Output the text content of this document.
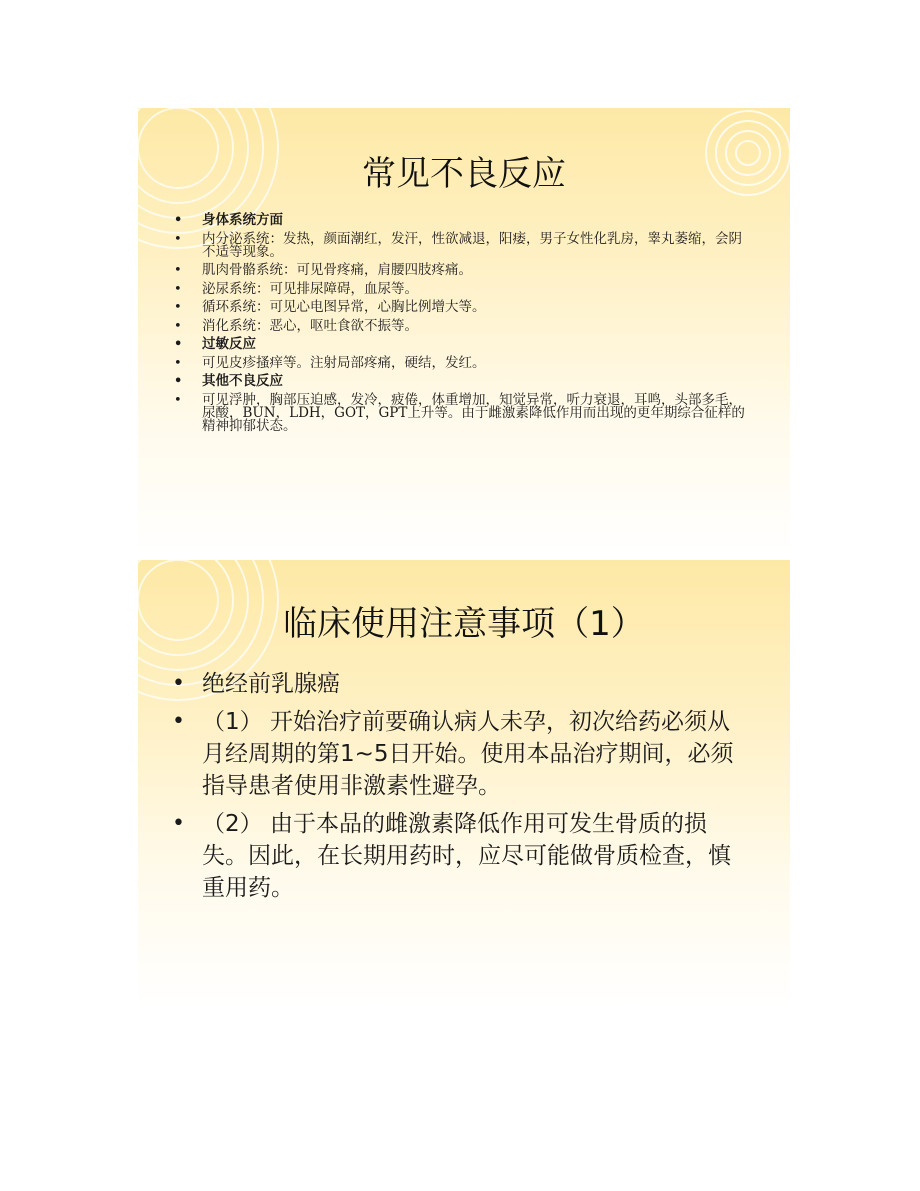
常见不良反应
• 身体系统方面
• 内分泌系统：发热，颜面潮红，发汗，性欲减退，阳痿，男子女性化乳房，睾丸萎缩，会阴不适等现象。
• 肌肉骨骼系统：可见骨疼痛，肩腰四肢疼痛。
• 泌尿系统：可见排尿障碍，血尿等。
• 循环系统：可见心电图异常，心胸比例增大等。
• 消化系统：恶心，呕吐食欲不振等。
• 过敏反应
• 可见皮疹搔痒等。注射局部疼痛，硬结，发红。
• 其他不良反应
• 可见浮肿，胸部压迫感，发冷，疲倦，体重增加，知觉异常，听力衰退，耳鸣，头部多毛，尿酸，BUN，LDH，GOT，GPT上升等。由于雌激素降低作用而出现的更年期综合征样的精神抑郁状态。
临床使用注意事项（1）
• 绝经前乳腺癌
• （1） 开始治疗前要确认病人未孕，初次给药必须从月经周期的第1~5日开始。使用本品治疗期间，必须指导患者使用非激素性避孕。
• （2） 由于本品的雌激素降低作用可发生骨质的损失。因此，在长期用药时，应尽可能做骨质检查，慎重用药。
